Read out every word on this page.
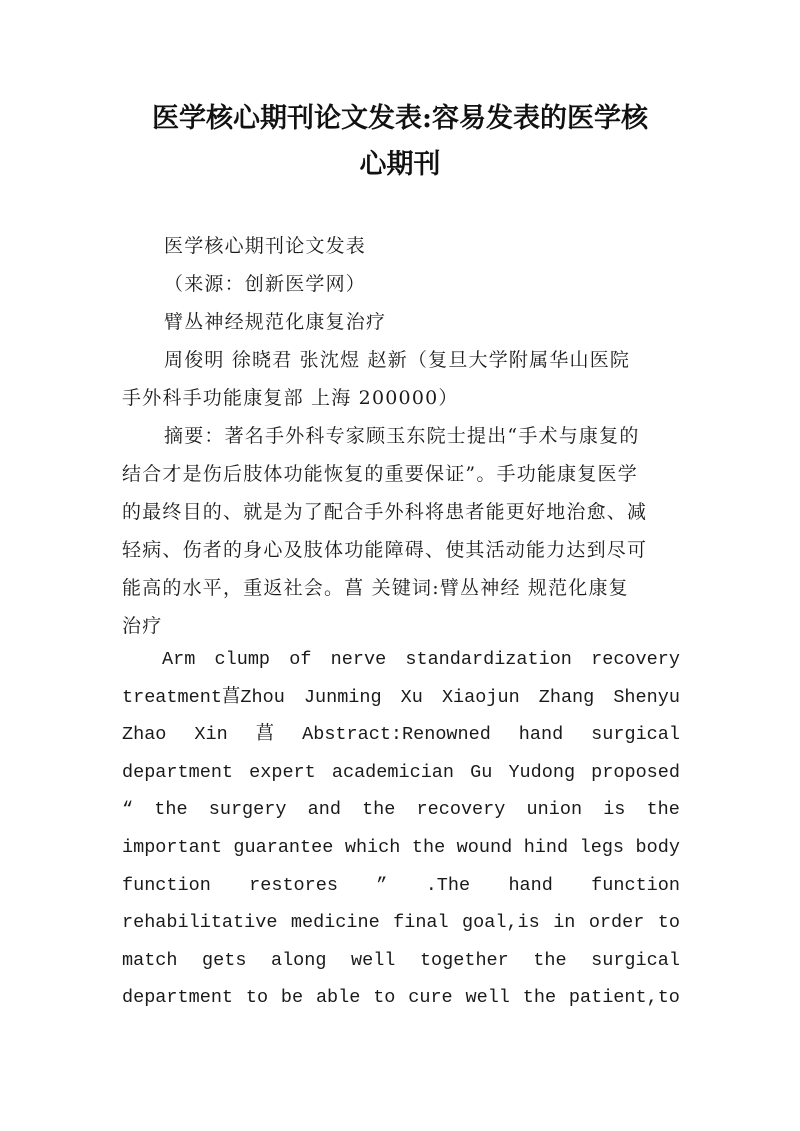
医学核心期刊论文发表:容易发表的医学核
心期刊
医学核心期刊论文发表
（来源：创新医学网）
臂丛神经规范化康复治疗
周俊明 徐晓君 张沈煜 赵新（复旦大学附属华山医院
手外科手功能康复部 上海 200000）
摘要：著名手外科专家顾玉东院士提出“手术与康复的
结合才是伤后肢体功能恢复的重要保证”。手功能康复医学
的最终目的、就是为了配合手外科将患者能更好地治愈、减
轻病、伤者的身心及肢体功能障碍、使其活动能力达到尽可
能高的水平，重返社会。菖 关键词:臂丛神经 规范化康复
治疗
Arm clump of nerve standardization recovery
treatment菖Zhou Junming Xu Xiaojun Zhang Shenyu
Zhao Xin 菖 Abstract:Renowned hand surgical
department expert academician Gu Yudong proposed
“ the surgery and the recovery union is the
important guarantee which the wound hind legs body
function restores ” .The hand function
rehabilitative medicine final goal,is in order to
match gets along well together the surgical
department to be able to cure well the patient,to
